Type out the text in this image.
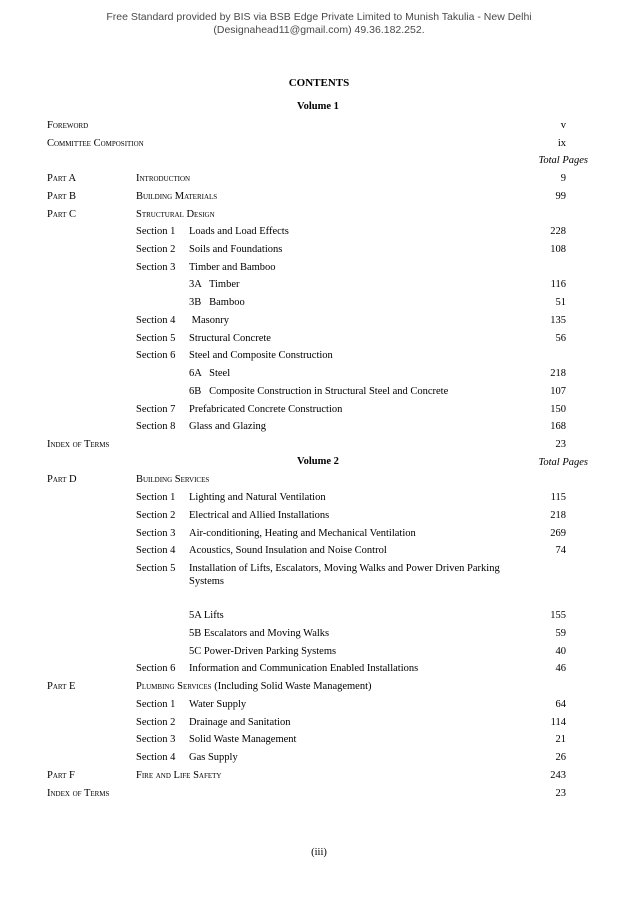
Free Standard provided by BIS via BSB Edge Private Limited to Munish Takulia - New Delhi
(Designahead11@gmail.com) 49.36.182.252.
CONTENTS
Volume 1
Foreword	v
Committee Composition	ix
Total Pages
Part A	Introduction	9
Part B	Building Materials	99
Part C	Structural Design
Section 1 Loads and Load Effects	228
Section 2 Soils and Foundations	108
Section 3 Timber and Bamboo
3A   Timber	116
3B   Bamboo	51
Section 4 Masonry	135
Section 5 Structural Concrete	56
Section 6 Steel and Composite Construction
6A   Steel	218
6B   Composite Construction in Structural Steel and Concrete	107
Section 7 Prefabricated Concrete Construction	150
Section 8 Glass and Glazing	168
Index of Terms	23
Volume 2	Total Pages
Part D	Building Services
Section 1 Lighting and Natural Ventilation	115
Section 2 Electrical and Allied Installations	218
Section 3 Air-conditioning, Heating and Mechanical Ventilation	269
Section 4 Acoustics, Sound Insulation and Noise Control	74
Section 5 Installation of Lifts, Escalators, Moving Walks and Power Driven Parking Systems
5A Lifts	155
5B Escalators and Moving Walks	59
5C Power-Driven Parking Systems	40
Section 6 Information and Communication Enabled Installations	46
Part E	Plumbing Services (Including Solid Waste Management)
Section 1 Water Supply	64
Section 2 Drainage and Sanitation	114
Section 3 Solid Waste Management	21
Section 4 Gas Supply	26
Part F	Fire and Life Safety	243
Index of Terms	23
(iii)
